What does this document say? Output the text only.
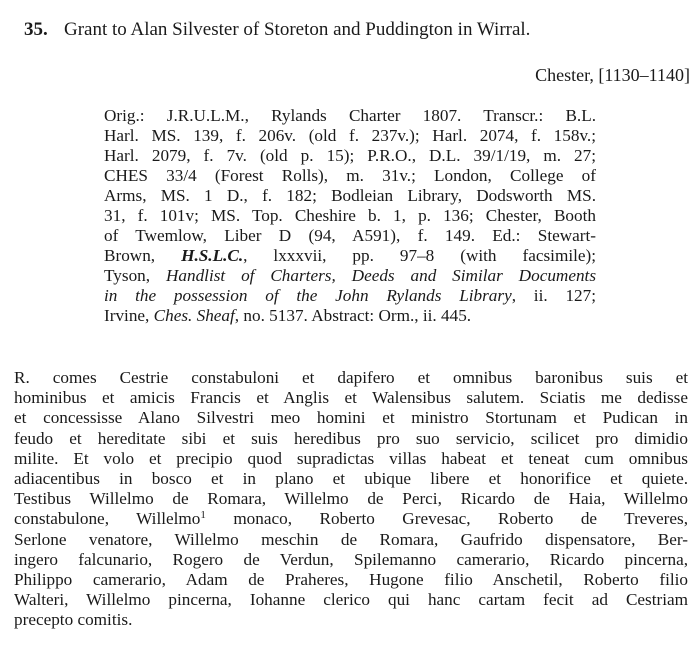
35. Grant to Alan Silvester of Storeton and Puddington in Wirral.
Chester, [1130–1140]
Orig.: J.R.U.L.M., Rylands Charter 1807. Transcr.: B.L.
Harl. MS. 139, f. 206v. (old f. 237v.); Harl. 2074, f. 158v.;
Harl. 2079, f. 7v. (old p. 15); P.R.O., D.L. 39/1/19, m. 27;
CHES 33/4 (Forest Rolls), m. 31v.; London, College of
Arms, MS. 1 D., f. 182; Bodleian Library, Dodsworth MS.
31, f. 101v; MS. Top. Cheshire b. 1, p. 136; Chester, Booth
of Twemlow, Liber D (94, A591), f. 149. Ed.: Stewart-
Brown, H.S.L.C., lxxxvii, pp. 97–8 (with facsimile);
Tyson, Handlist of Charters, Deeds and Similar Documents
in the possession of the John Rylands Library, ii. 127;
Irvine, Ches. Sheaf, no. 5137. Abstract: Orm., ii. 445.
R. comes Cestrie constabuloni et dapifero et omnibus baronibus suis et
hominibus et amicis Francis et Anglis et Walensibus salutem. Sciatis me dedisse
et concessisse Alano Silvestri meo homini et ministro Stortunam et Pudican in
feudo et hereditate sibi et suis heredibus pro suo servicio, scilicet pro dimidio
milite. Et volo et precipio quod supradictas villas habeat et teneat cum omnibus
adiacentibus in bosco et in plano et ubique libere et honorifice et quiete.
Testibus Willelmo de Romara, Willelmo de Perci, Ricardo de Haia, Willelmo
constabulone, Willelmo$^1$ monaco, Roberto Grevesac, Roberto de Treveres,
Serlone venatore, Willelmo meschin de Romara, Gaufrido dispensatore, Ber-
ingero falcunario, Rogero de Verdun, Spilemanno camerario, Ricardo pincerna,
Philippo camerario, Adam de Praheres, Hugone filio Anschetil, Roberto filio
Walteri, Willelmo pincerna, Iohanne clerico qui hanc cartam fecit ad Cestriam
precepto comitis.
